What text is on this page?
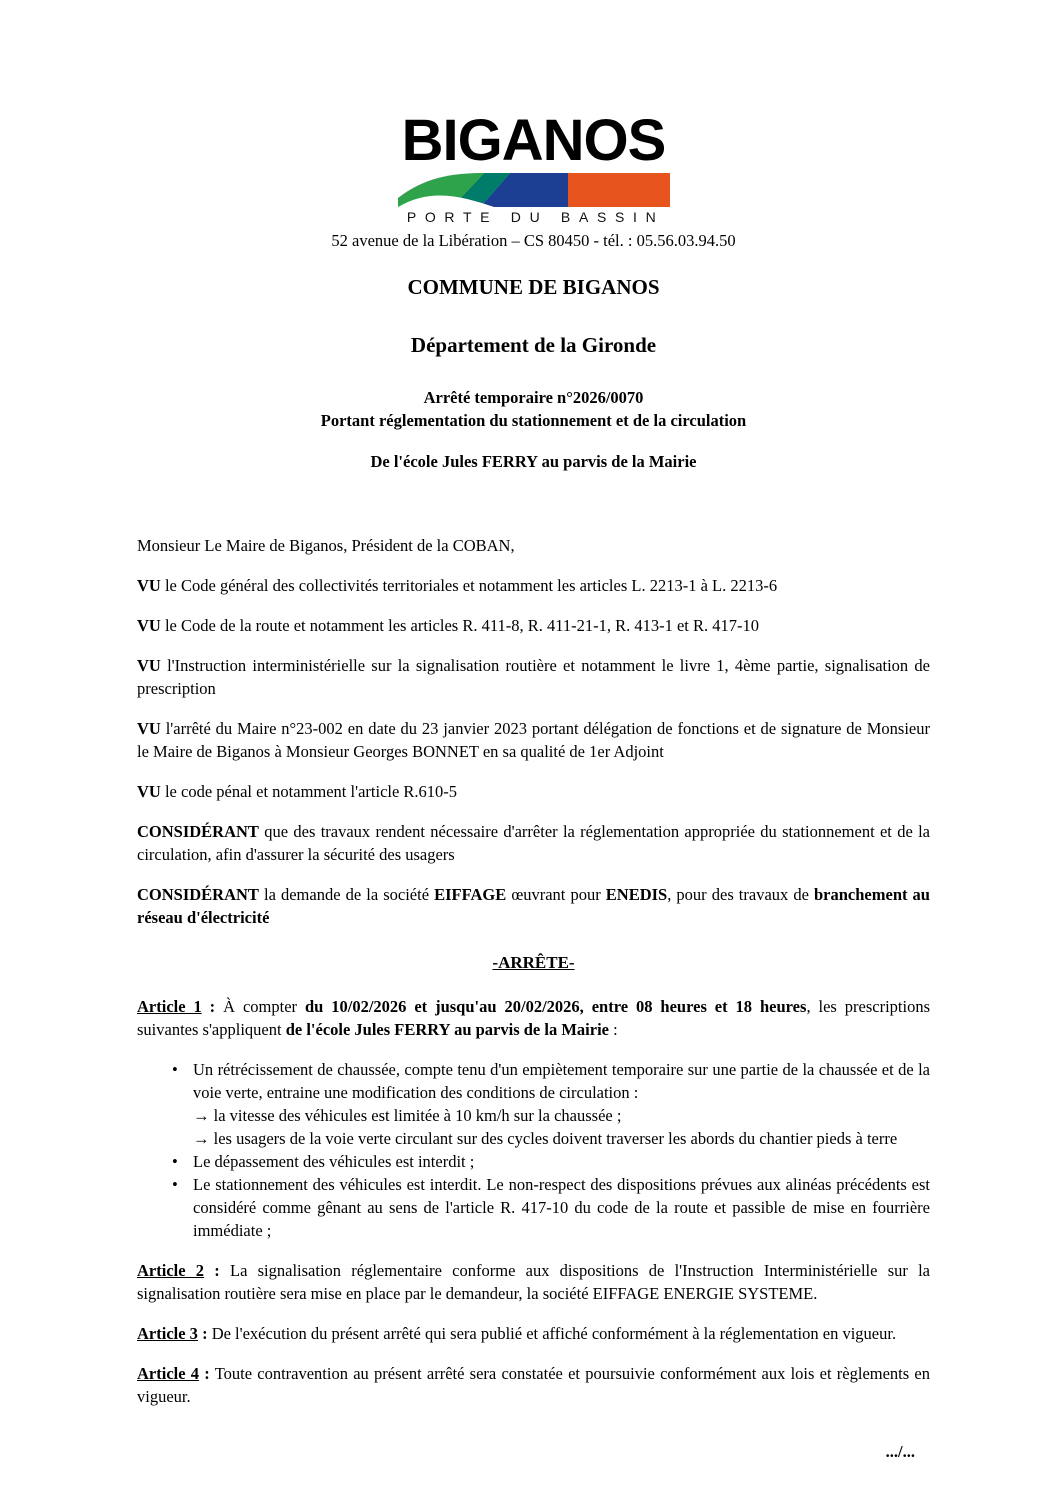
BIGANOS
PORTE DU BASSIN
52 avenue de la Libération – CS 80450 - tél. : 05.56.03.94.50
COMMUNE DE BIGANOS
Département de la Gironde
Arrêté temporaire n°2026/0070
Portant réglementation du stationnement et de la circulation
De l'école Jules FERRY au parvis de la Mairie

Monsieur Le Maire de Biganos, Président de la COBAN,

VU le Code général des collectivités territoriales et notamment les articles L. 2213-1 à L. 2213-6

VU le Code de la route et notamment les articles R. 411-8, R. 411-21-1, R. 413-1 et R. 417-10

VU l'Instruction interministérielle sur la signalisation routière et notamment le livre 1, 4ème partie, signalisation de prescription

VU l'arrêté du Maire n°23-002 en date du 23 janvier 2023 portant délégation de fonctions et de signature de Monsieur le Maire de Biganos à Monsieur Georges BONNET en sa qualité de 1er Adjoint

VU le code pénal et notamment l'article R.610-5

CONSIDÉRANT que des travaux rendent nécessaire d'arrêter la réglementation appropriée du stationnement et de la circulation, afin d'assurer la sécurité des usagers

CONSIDÉRANT la demande de la société EIFFAGE œuvrant pour ENEDIS, pour des travaux de branchement au réseau d'électricité

-ARRÊTE-

Article 1 : À compter du 10/02/2026 et jusqu'au 20/02/2026, entre 08 heures et 18 heures, les prescriptions suivantes s'appliquent de l'école Jules FERRY au parvis de la Mairie :

• Un rétrécissement de chaussée, compte tenu d'un empiètement temporaire sur une partie de la chaussée et de la voie verte, entraine une modification des conditions de circulation :
→ la vitesse des véhicules est limitée à 10 km/h sur la chaussée ;
→ les usagers de la voie verte circulant sur des cycles doivent traverser les abords du chantier pieds à terre
• Le dépassement des véhicules est interdit ;
• Le stationnement des véhicules est interdit. Le non-respect des dispositions prévues aux alinéas précédents est considéré comme gênant au sens de l'article R. 417-10 du code de la route et passible de mise en fourrière immédiate ;

Article 2 : La signalisation réglementaire conforme aux dispositions de l'Instruction Interministérielle sur la signalisation routière sera mise en place par le demandeur, la société EIFFAGE ENERGIE SYSTEME.

Article 3 : De l'exécution du présent arrêté qui sera publié et affiché conformément à la réglementation en vigueur.

Article 4 : Toute contravention au présent arrêté sera constatée et poursuivie conformément aux lois et règlements en vigueur.

.../...
